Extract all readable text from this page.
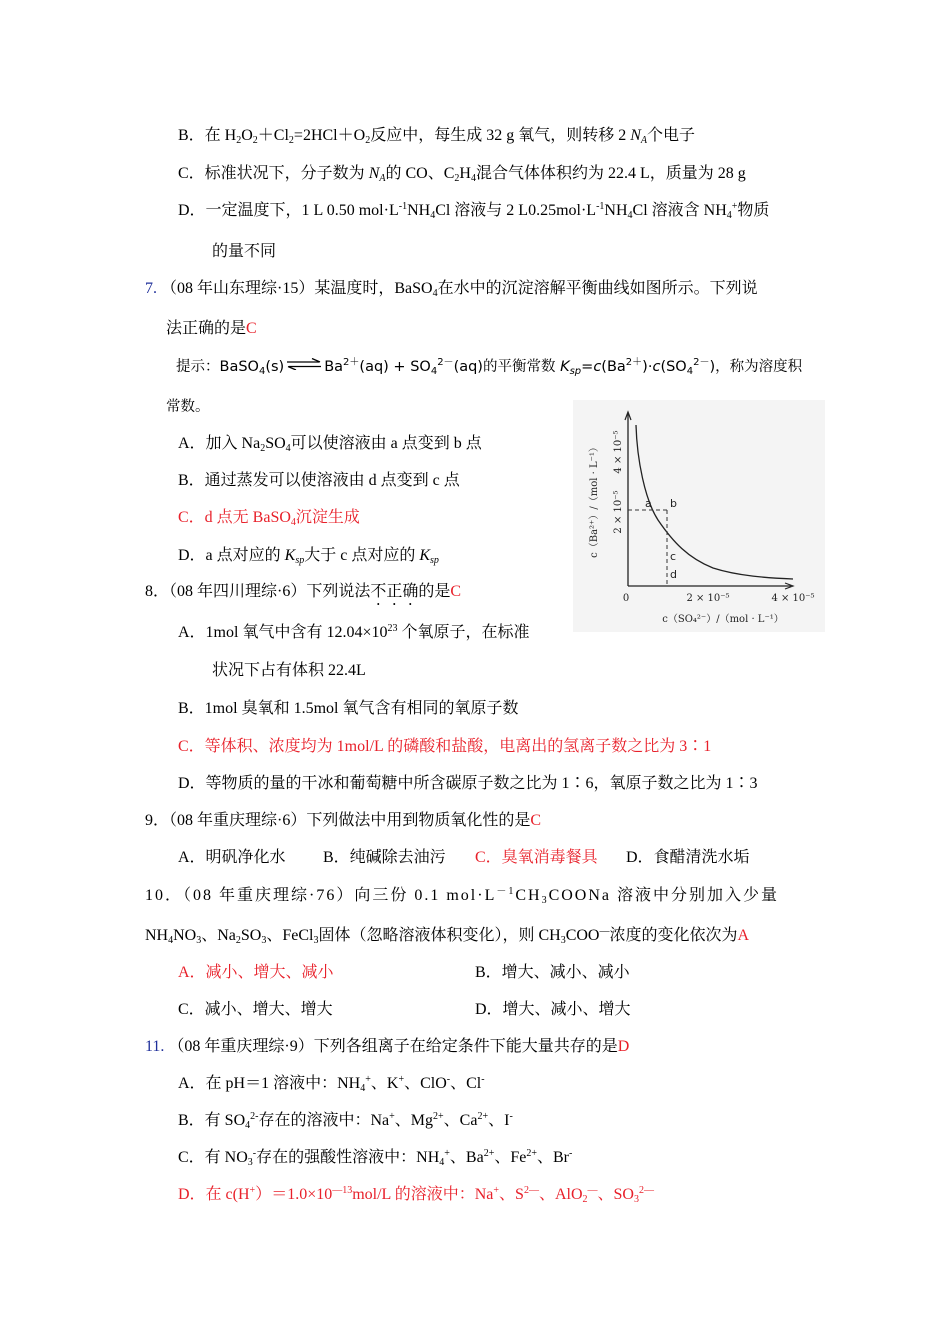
B．在 $H_2O_2+Cl_2=2HCl+O_2$反应中，每生成 32 g 氧气，则转移 2 $N_A$个电子
C．标准状况下，分子数为 $N_A$的 CO、$C_2H_4$混合气体体积约为 22.4 L，质量为 28 g
D．一定温度下，1 L 0.50 $mol\cdot L^{-1}NH_4Cl$ 溶液与 2 $L0.25mol\cdot L^{-1}NH_4Cl$ 溶液含 $NH_4^+$物质
的量不同
7. （08 年山东理综·15）某温度时，BaSO$_4$在水中的沉淀溶解平衡曲线如图所示。下列说
法正确的是C
提示：BaSO$_4$(s) ⇌ $Ba^{2+}(aq) + SO_4^{2-}(aq)$的平衡常数 $K_{sp}=c(Ba^{2+})\cdot c(SO_4^{2-})$，称为溶度积
常数。
A．加入 $Na_2SO_4$可以使溶液由 a 点变到 b 点
B．通过蒸发可以使溶液由 d 点变到 c 点
C．d 点无 BaSO$_4$沉淀生成
D．a 点对应的 $K_{sp}$大于 c 点对应的 $K_{sp}$
4 × 10⁻⁵
2 × 10⁻⁵
c（Ba²⁺）/（mol · L⁻¹）
0	2 × 10⁻⁵	4 × 10⁻⁵
c（SO₄²⁻）/（mol · L⁻¹）
a b
c
d
8．（08 年四川理综·6）下列说法不正确的是C
A．1mol 氧气中含有 $12.04\times 10^{23}$ 个氧原子，在标准
状况下占有体积 22.4L
B．1mol 臭氧和 1.5mol 氧气含有相同的氧原子数
C．等体积、浓度均为 1mol/L 的磷酸和盐酸，电离出的氢离子数之比为 3∶1
D．等物质的量的干冰和葡萄糖中所含碳原子数之比为 1∶6，氧原子数之比为 1∶3
9．（08 年重庆理综·6）下列做法中用到物质氧化性的是C
A．明矾净化水 B．纯碱除去油污 C．臭氧消毒餐具 D．食醋清洗水垢
10．（08 年重庆理综·76）向三份 0.1 $mol\cdot L^{-1}CH_3COONa$ 溶液中分别加入少量
$NH_4NO_3$、$Na_2SO_3$、FeCl$_3$固体（忽略溶液体积变化），则 $CH_3COO^—$浓度的变化依次为A
A．减小、增大、减小	B．增大、减小、减小
C．减小、增大、增大	D．增大、减小、增大
11. （08 年重庆理综·9）下列各组离子在给定条件下能大量共存的是D
A．在 pH＝1 溶液中：$NH_4^+$、K+、ClO-、Cl-
B．有 $SO_4^{2-}$存在的溶液中：Na+、$Mg^{2+}$、$Ca^{2+}$、I-
C．有 $NO_3^-$存在的强酸性溶液中：$NH_4^+$、$Ba^{2+}$、$Fe^{2+}$、Br-
D．在 $c(H^+)=1.0\times 10^{—13}mol/L$ 的溶液中：Na+、$S^{2—}$、AlO$_2$—、$SO_3^{2—}$
